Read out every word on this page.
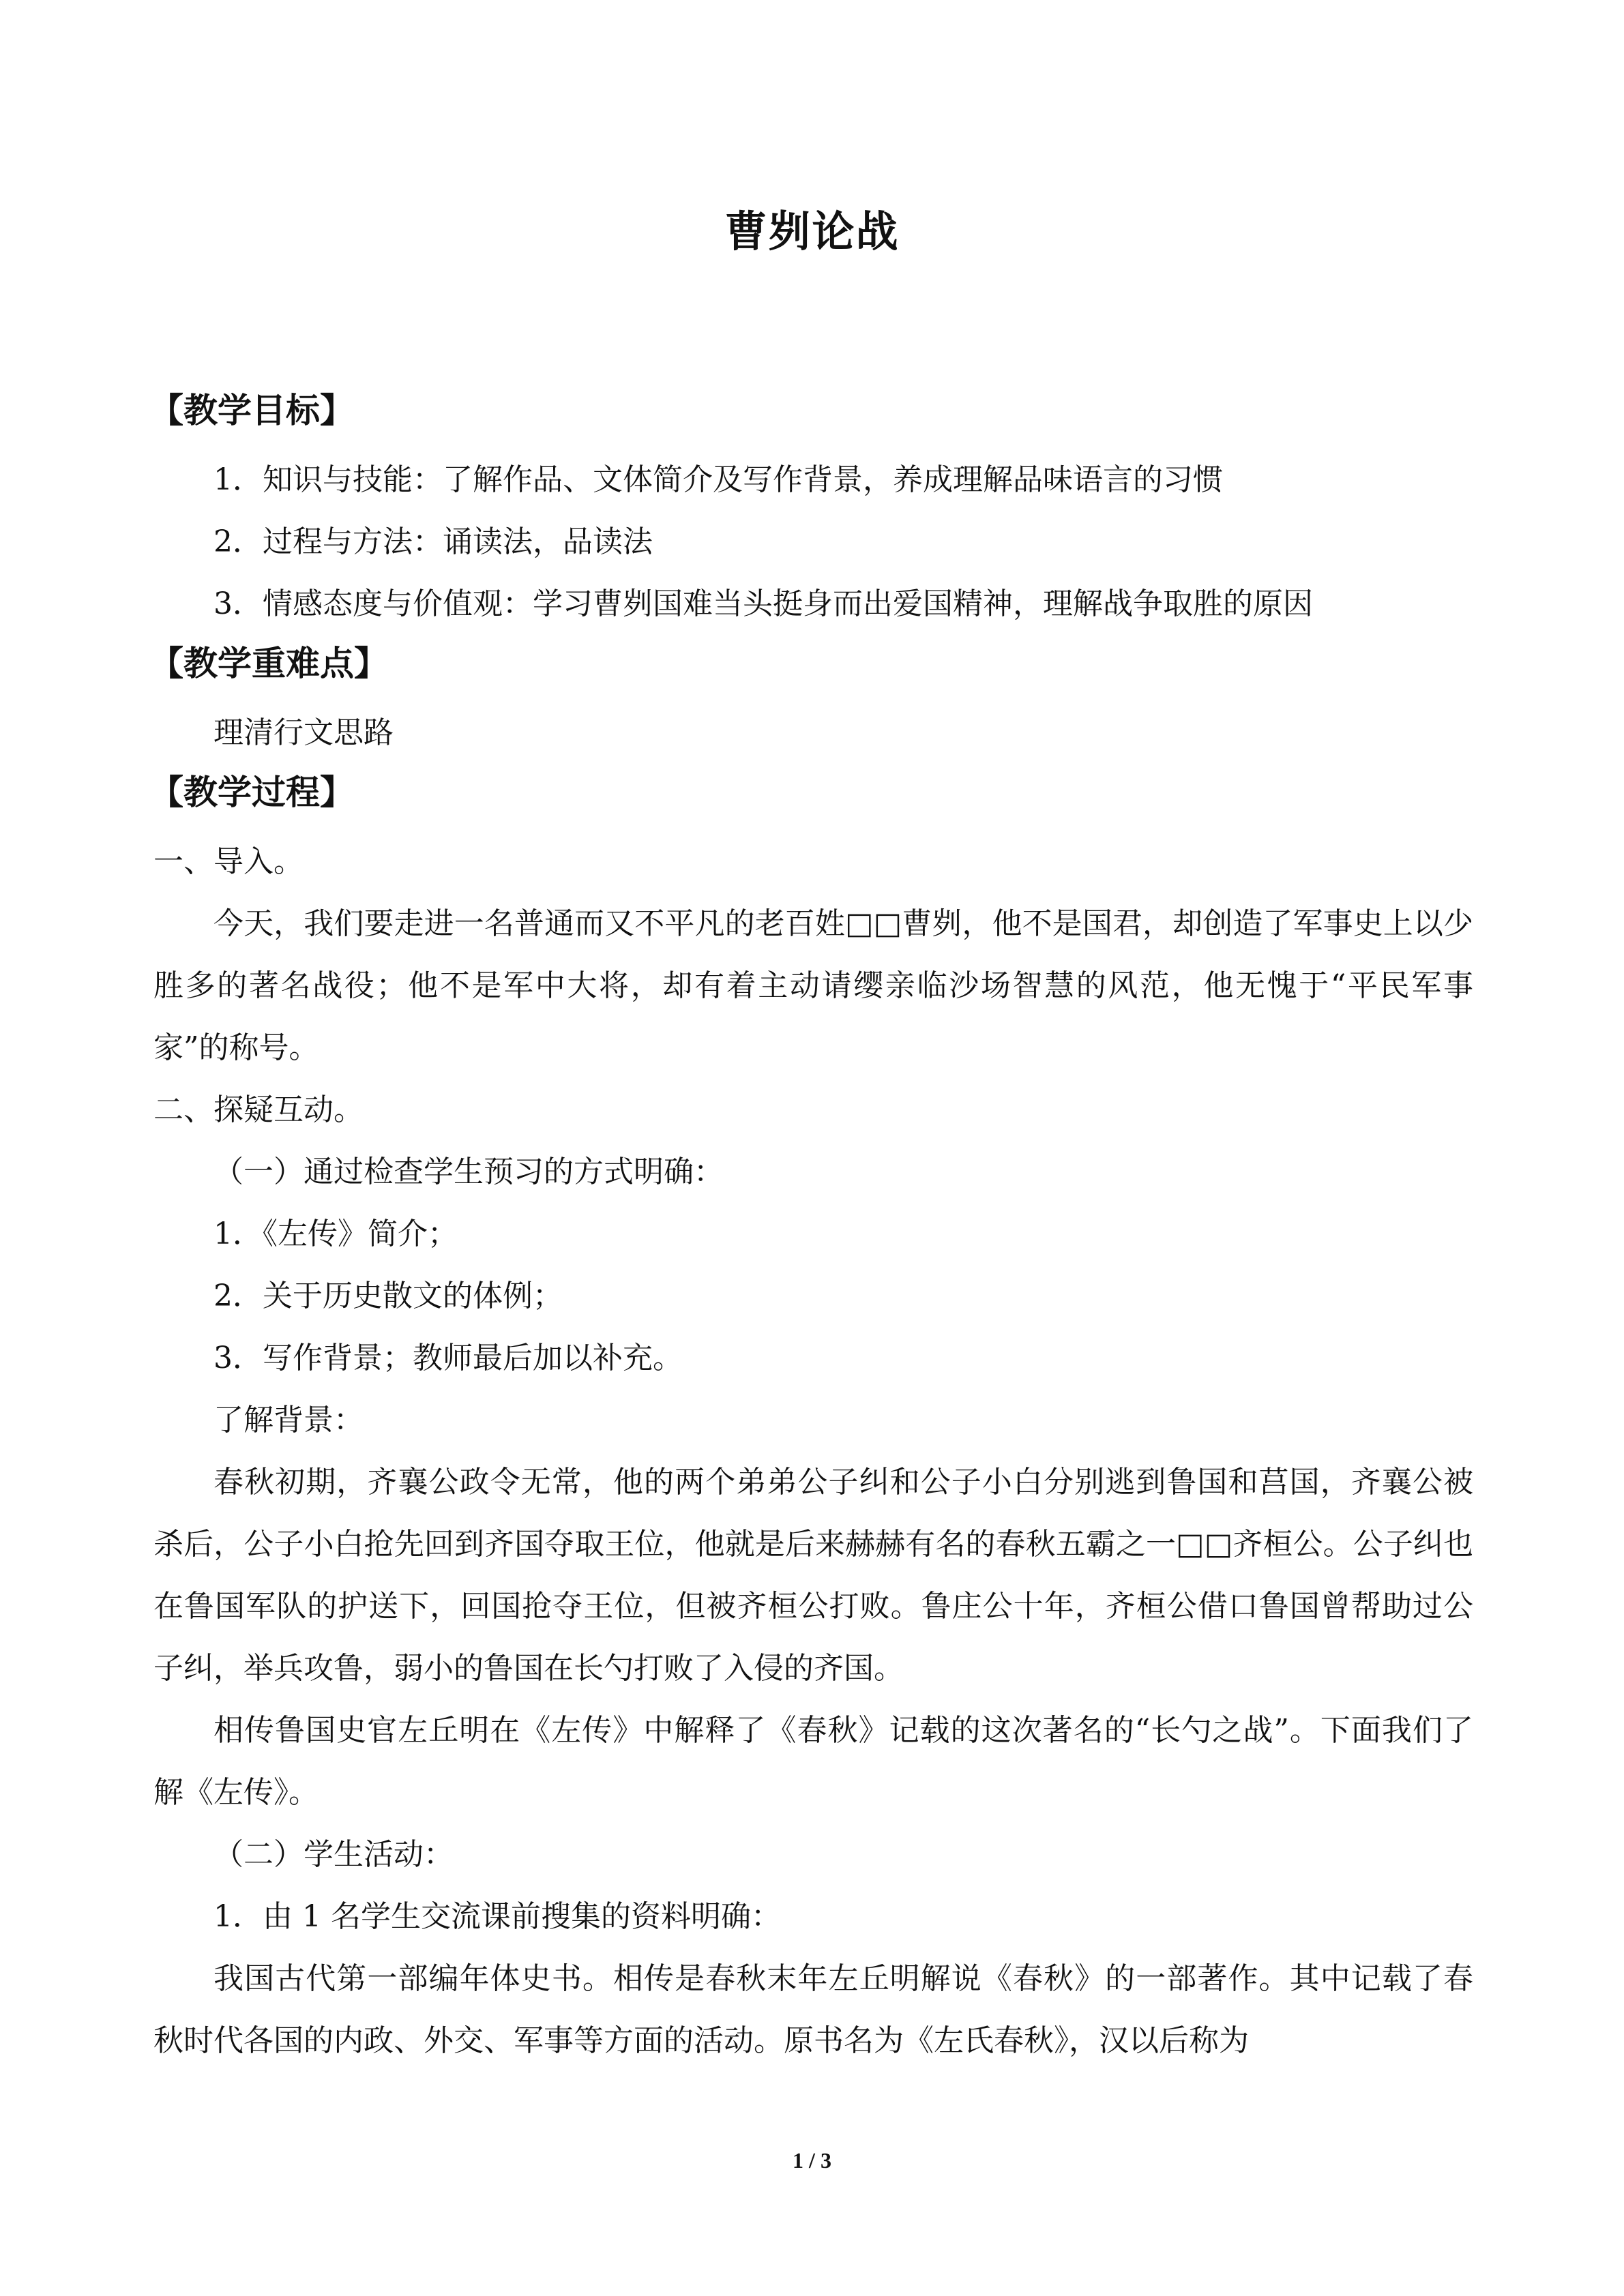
曹刿论战
【教学目标】
1．知识与技能：了解作品、文体简介及写作背景，养成理解品味语言的习惯
2．过程与方法：诵读法，品读法
3．情感态度与价值观：学习曹刿国难当头挺身而出爱国精神，理解战争取胜的原因
【教学重难点】
理清行文思路
【教学过程】
一、导入。
今天，我们要走进一名普通而又不平凡的老百姓□□曹刿，他不是国君，却创造了军事史上以少胜多的著名战役；他不是军中大将，却有着主动请缨亲临沙场智慧的风范，他无愧于“平民军事家”的称号。
二、探疑互动。
（一）通过检查学生预习的方式明确：
1．《左传》简介；
2．关于历史散文的体例；
3．写作背景；教师最后加以补充。
了解背景：
春秋初期，齐襄公政令无常，他的两个弟弟公子纠和公子小白分别逃到鲁国和莒国，齐襄公被杀后，公子小白抢先回到齐国夺取王位，他就是后来赫赫有名的春秋五霸之一□□齐桓公。公子纠也在鲁国军队的护送下，回国抢夺王位，但被齐桓公打败。鲁庄公十年，齐桓公借口鲁国曾帮助过公子纠，举兵攻鲁，弱小的鲁国在长勺打败了入侵的齐国。
相传鲁国史官左丘明在《左传》中解释了《春秋》记载的这次著名的“长勺之战”。下面我们了解《左传》。
（二）学生活动：
1．由 1 名学生交流课前搜集的资料明确：
我国古代第一部编年体史书。相传是春秋末年左丘明解说《春秋》的一部著作。其中记载了春秋时代各国的内政、外交、军事等方面的活动。原书名为《左氏春秋》，汉以后称为
1 / 3
